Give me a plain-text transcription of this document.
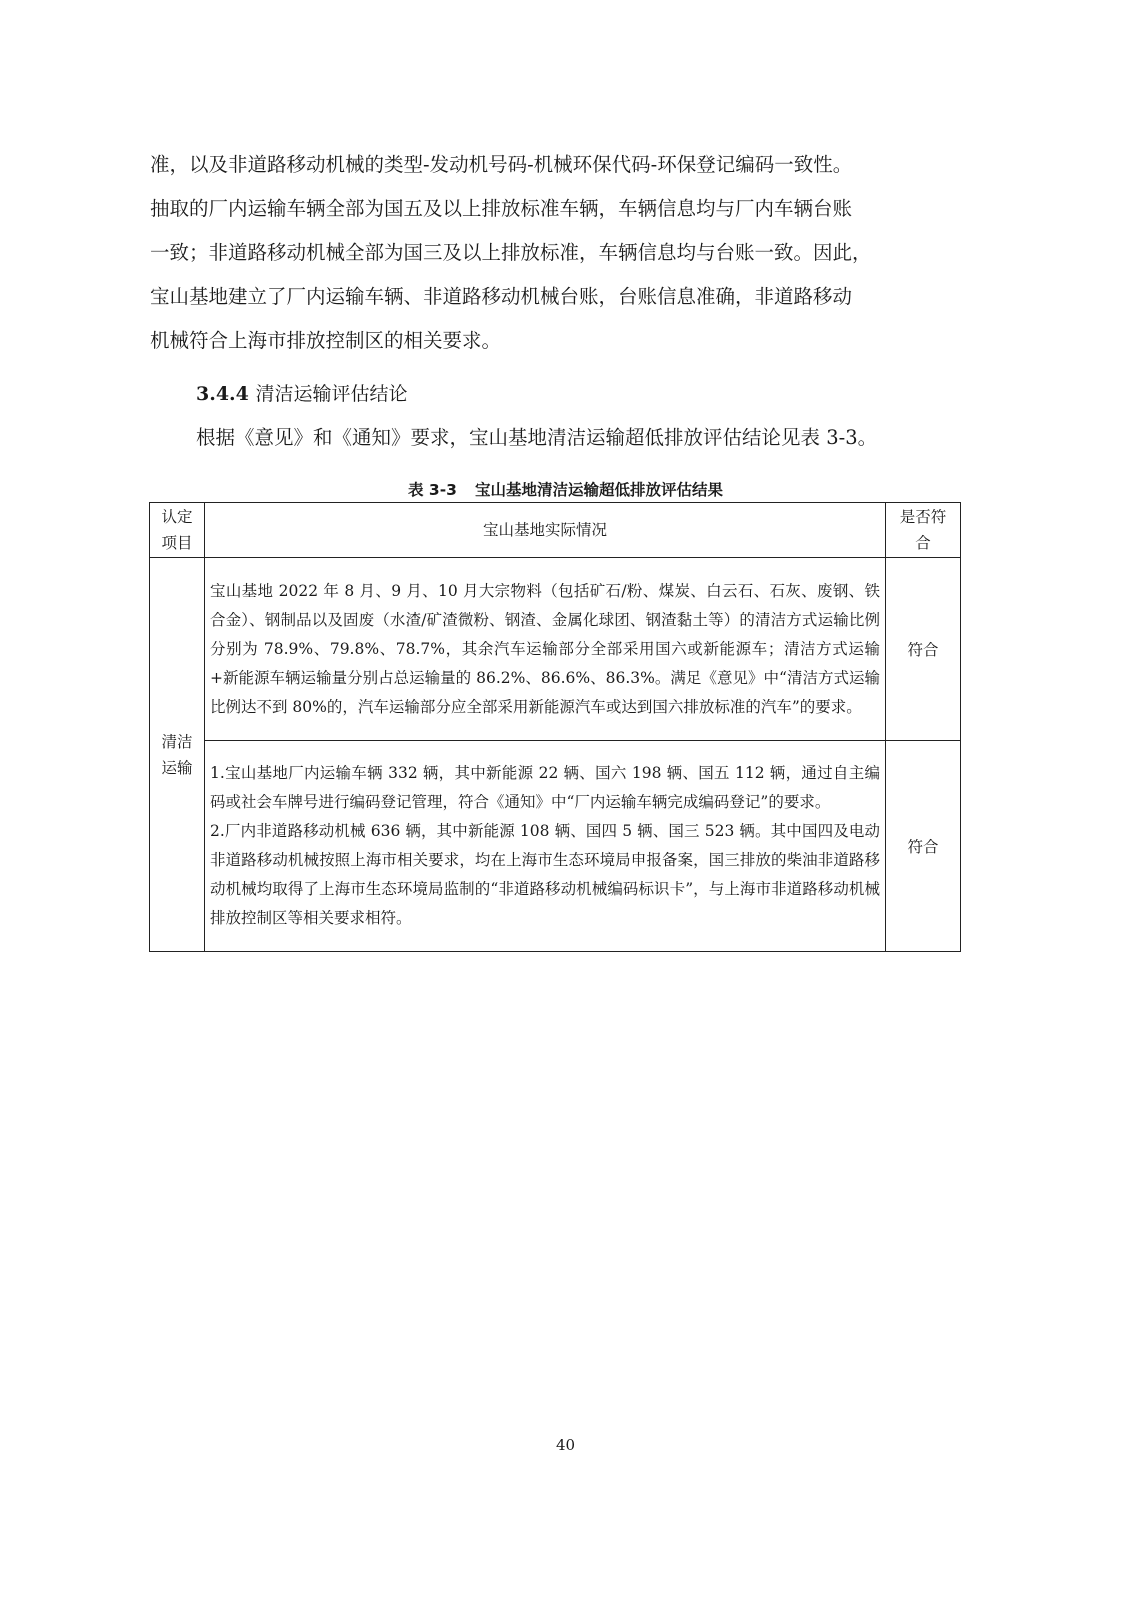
准，以及非道路移动机械的类型-发动机号码-机械环保代码-环保登记编码一致性。

抽取的厂内运输车辆全部为国五及以上排放标准车辆，车辆信息均与厂内车辆台账

一致；非道路移动机械全部为国三及以上排放标准，车辆信息均与台账一致。因此，

宝山基地建立了厂内运输车辆、非道路移动机械台账，台账信息准确，非道路移动

机械符合上海市排放控制区的相关要求。

3.4.4 清洁运输评估结论

根据《意见》和《通知》要求，宝山基地清洁运输超低排放评估结论见表 3-3。

表 3-3 宝山基地清洁运输超低排放评估结果

认定项目	宝山基地实际情况	是否符合

清洁运输	宝山基地 2022 年 8 月、9 月、10 月大宗物料（包括矿石/粉、煤炭、白云石、石灰、废钢、铁合金）、钢制品以及固废（水渣/矿渣微粉、钢渣、金属化球团、钢渣黏土等）的清洁方式运输比例分别为 78.9%、79.8%、78.7%，其余汽车运输部分全部采用国六或新能源车；清洁方式运输+新能源车辆运输量分别占总运输量的 86.2%、86.6%、86.3%。满足《意见》中“清洁方式运输比例达不到 80%的，汽车运输部分应全部采用新能源汽车或达到国六排放标准的汽车”的要求。	符合

	1.宝山基地厂内运输车辆 332 辆，其中新能源 22 辆、国六 198 辆、国五 112 辆，通过自主编码或社会车牌号进行编码登记管理，符合《通知》中“厂内运输车辆完成编码登记”的要求。
2.厂内非道路移动机械 636 辆，其中新能源 108 辆、国四 5 辆、国三 523 辆。其中国四及电动非道路移动机械按照上海市相关要求，均在上海市生态环境局申报备案，国三排放的柴油非道路移动机械均取得了上海市生态环境局监制的“非道路移动机械编码标识卡”，与上海市非道路移动机械排放控制区等相关要求相符。	符合

40
